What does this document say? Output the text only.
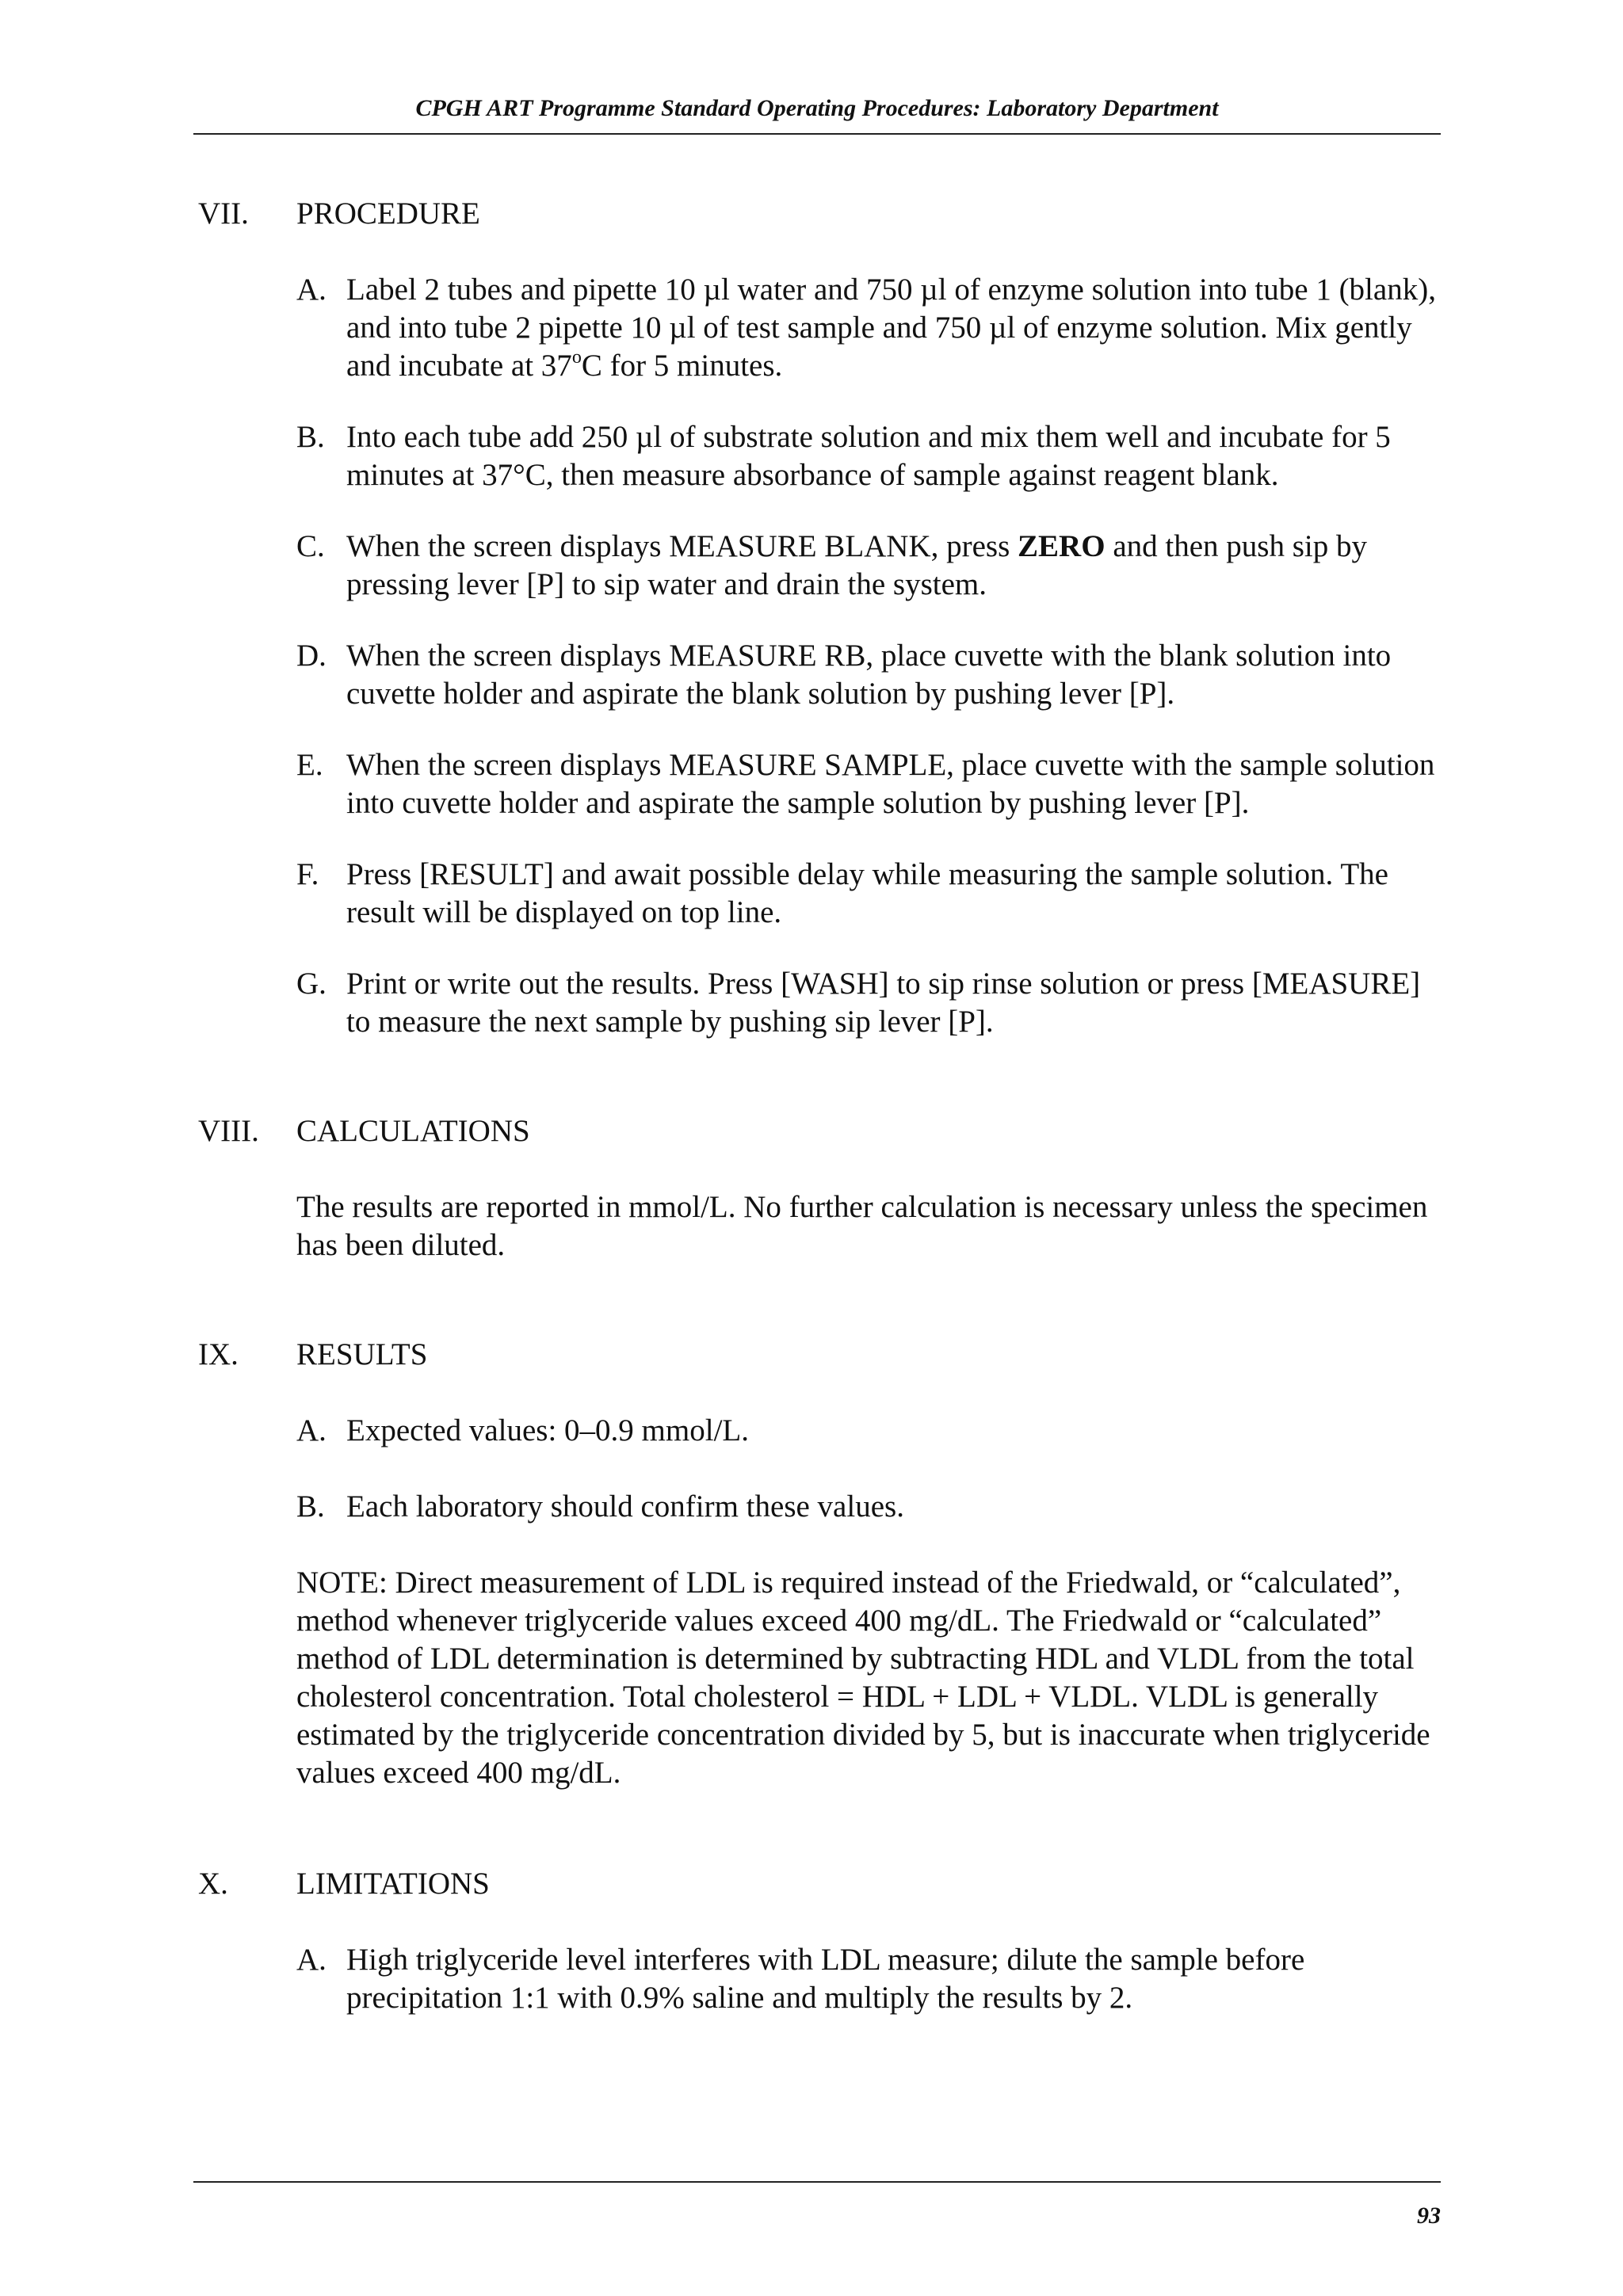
CPGH ART Programme Standard Operating Procedures: Laboratory Department
VII.	PROCEDURE
A. Label 2 tubes and pipette 10 µl water and 750 µl of enzyme solution into tube 1 (blank), and into tube 2 pipette 10 µl of test sample and 750 µl of enzyme solution. Mix gently and incubate at 37$^o$C for 5 minutes.
B. Into each tube add 250 µl of substrate solution and mix them well and incubate for 5 minutes at 37°C, then measure absorbance of sample against reagent blank.
C. When the screen displays MEASURE BLANK, press ZERO and then push sip by pressing lever [P] to sip water and drain the system.
D. When the screen displays MEASURE RB, place cuvette with the blank solution into cuvette holder and aspirate the blank solution by pushing lever [P].
E. When the screen displays MEASURE SAMPLE, place cuvette with the sample solution into cuvette holder and aspirate the sample solution by pushing lever [P].
F. Press [RESULT] and await possible delay while measuring the sample solution. The result will be displayed on top line.
G. Print or write out the results. Press [WASH] to sip rinse solution or press [MEASURE] to measure the next sample by pushing sip lever [P].
VIII.	CALCULATIONS
The results are reported in mmol/L. No further calculation is necessary unless the specimen has been diluted.
IX.	RESULTS
A. Expected values: 0–0.9 mmol/L.
B. Each laboratory should confirm these values.
NOTE: Direct measurement of LDL is required instead of the Friedwald, or “calculated”, method whenever triglyceride values exceed 400 mg/dL. The Friedwald or “calculated” method of LDL determination is determined by subtracting HDL and VLDL from the total cholesterol concentration. Total cholesterol = HDL + LDL + VLDL. VLDL is generally estimated by the triglyceride concentration divided by 5, but is inaccurate when triglyceride values exceed 400 mg/dL.
X.	LIMITATIONS
A. High triglyceride level interferes with LDL measure; dilute the sample before precipitation 1:1 with 0.9% saline and multiply the results by 2.
93
